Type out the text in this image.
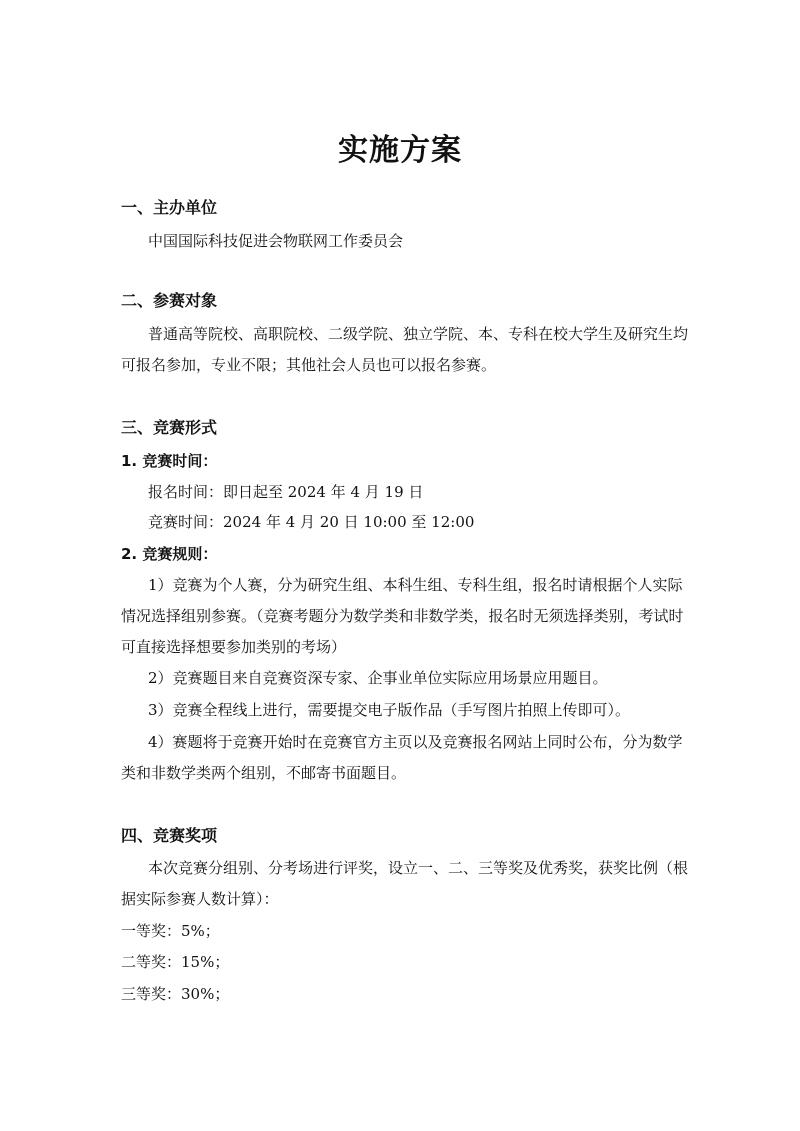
实施方案
一、主办单位
中国国际科技促进会物联网工作委员会
二、参赛对象
普通高等院校、高职院校、二级学院、独立学院、本、专科在校大学生及研究生均
可报名参加，专业不限；其他社会人员也可以报名参赛。
三、竞赛形式
1. 竞赛时间：
报名时间：即日起至 2024 年 4 月 19 日
竞赛时间：2024 年 4 月 20 日 10:00 至 12:00
2. 竞赛规则：
1）竞赛为个人赛，分为研究生组、本科生组、专科生组，报名时请根据个人实际
情况选择组别参赛。（竞赛考题分为数学类和非数学类，报名时无须选择类别，考试时
可直接选择想要参加类别的考场）
2）竞赛题目来自竞赛资深专家、企事业单位实际应用场景应用题目。
3）竞赛全程线上进行，需要提交电子版作品（手写图片拍照上传即可）。
4）赛题将于竞赛开始时在竞赛官方主页以及竞赛报名网站上同时公布，分为数学
类和非数学类两个组别，不邮寄书面题目。
四、竞赛奖项
本次竞赛分组别、分考场进行评奖，设立一、二、三等奖及优秀奖，获奖比例（根
据实际参赛人数计算）：
一等奖：5%；
二等奖：15%；
三等奖：30%；
